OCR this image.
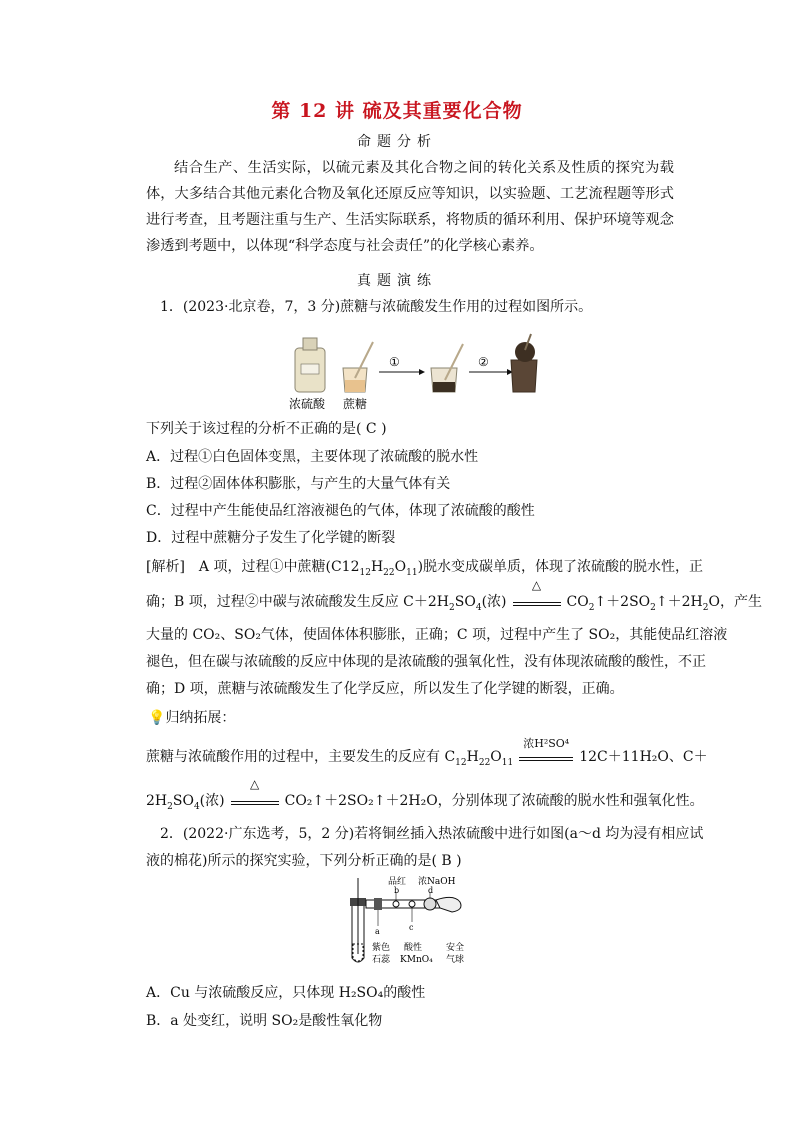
第 12 讲 硫及其重要化合物
命题分析
结合生产、生活实际，以硫元素及其化合物之间的转化关系及性质的探究为载体，大多结合其他元素化合物及氧化还原反应等知识，以实验题、工艺流程题等形式进行考查，且考题注重与生产、生活实际联系，将物质的循环利用、保护环境等观念渗透到考题中，以体现“科学态度与社会责任”的化学核心素养。
真题演练
1．(2023·北京卷，7，3 分)蔗糖与浓硫酸发生作用的过程如图所示。
①	②
浓硫酸 蔗糖
下列关于该过程的分析不正确的是( C )
A．过程①白色固体变黑，主要体现了浓硫酸的脱水性
B．过程②固体体积膨胀，与产生的大量气体有关
C．过程中产生能使品红溶液褪色的气体，体现了浓硫酸的酸性
D．过程中蔗糖分子发生了化学键的断裂
[解析]　A 项，过程①中蔗糖$(C12_{12}H_{22}O_{11})$脱水变成碳单质，体现了浓硫酸的脱水性，正
确；B 项，过程②中碳与浓硫酸发生反应 $C+2H_2SO_4$(浓)
△
$CO_2↑+2SO_2↑+2H_2O$，产生
大量的 CO₂、SO₂气体，使固体体积膨胀，正确；C 项，过程中产生了 SO₂，其能使品红溶液
褪色，但在碳与浓硫酸的反应中体现的是浓硫酸的强氧化性，没有体现浓硫酸的酸性，不正
确；D 项，蔗糖与浓硫酸发生了化学反应，所以发生了化学键的断裂，正确。
💡归纳拓展：
蔗糖与浓硫酸作用的过程中，主要发生的反应有 $C_{12}H_{22}O_{11}$
浓H²SO⁴
12C＋11H₂O、C＋
$2H_2SO_4$(浓)
△
CO₂↑＋2SO₂↑＋2H₂O，分别体现了浓硫酸的脱水性和强氧化性。
2．(2022·广东选考，5，2 分)若将铜丝插入热浓硫酸中进行如图(a～d 均为浸有相应试
液的棉花)所示的探究实验，下列分析正确的是( B )
品红 浓NaOH
b	d
a	c
紫色
石蕊
酸性
KMnO₄
安全
气球
A．Cu 与浓硫酸反应，只体现 H₂SO₄的酸性
B．a 处变红，说明 SO₂是酸性氧化物
